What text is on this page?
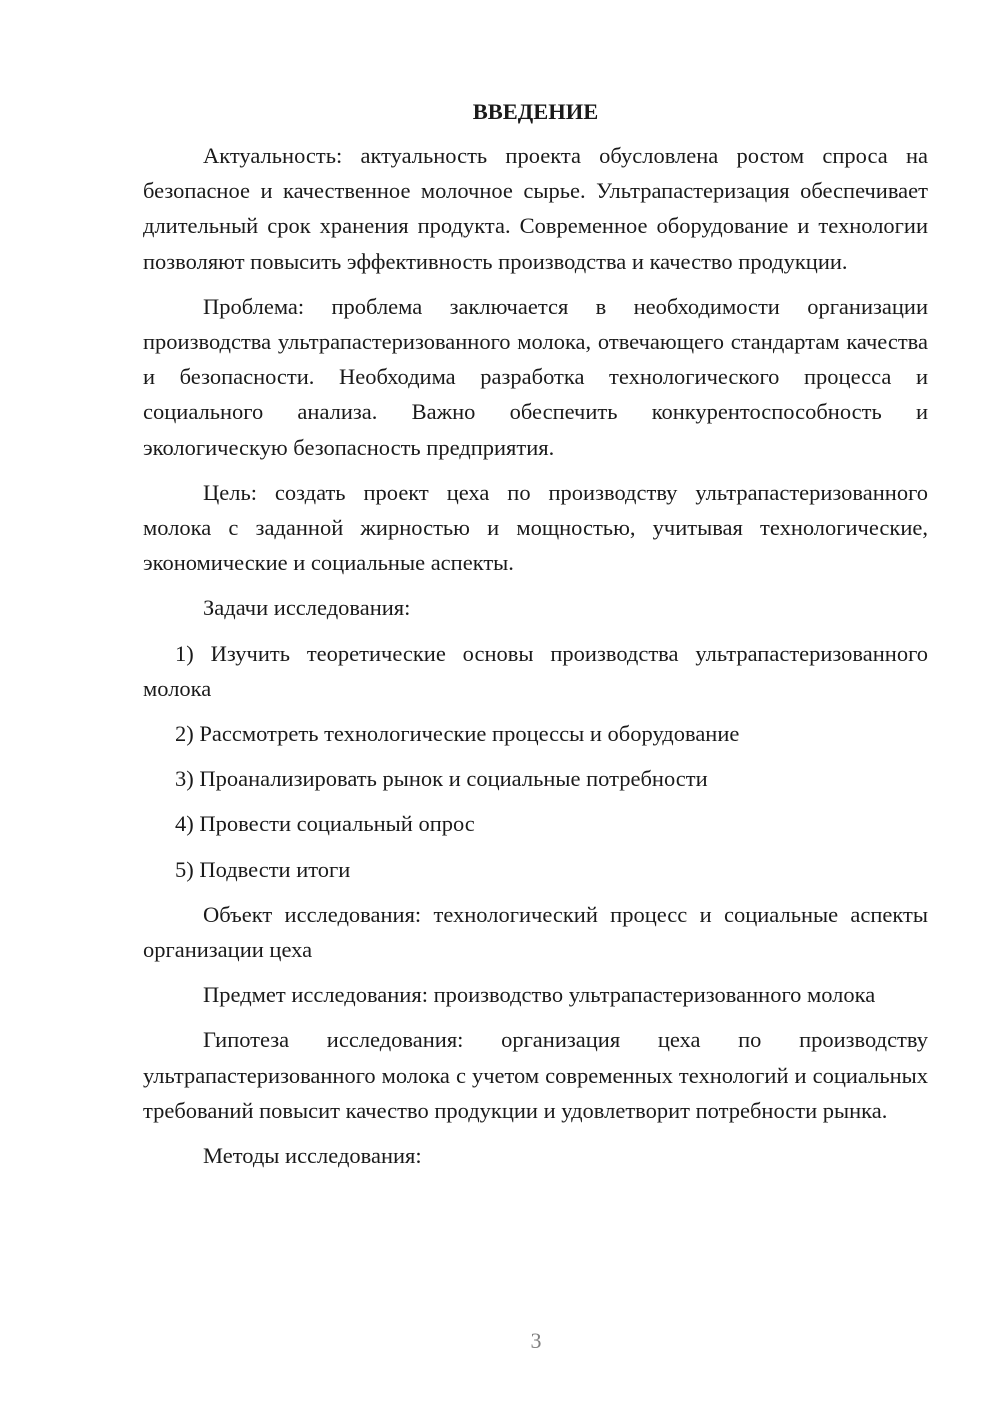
ВВЕДЕНИЕ

Актуальность: актуальность проекта обусловлена ростом спроса на безопасное и качественное молочное сырье. Ультрапастеризация обеспечивает длительный срок хранения продукта. Современное оборудование и технологии позволяют повысить эффективность производства и качество продукции.

Проблема: проблема заключается в необходимости организации производства ультрапастеризованного молока, отвечающего стандартам качества и безопасности. Необходима разработка технологического процесса и социального анализа. Важно обеспечить конкурентоспособность и экологическую безопасность предприятия.

Цель: создать проект цеха по производству ультрапастеризованного молока с заданной жирностью и мощностью, учитывая технологические, экономические и социальные аспекты.

Задачи исследования:

1) Изучить теоретические основы производства ультрапастеризованного молока

2) Рассмотреть технологические процессы и оборудование

3) Проанализировать рынок и социальные потребности

4) Провести социальный опрос

5) Подвести итоги

Объект исследования: технологический процесс и социальные аспекты организации цеха

Предмет исследования: производство ультрапастеризованного молока

Гипотеза исследования: организация цеха по производству ультрапастеризованного молока с учетом современных технологий и социальных требований повысит качество продукции и удовлетворит потребности рынка.

Методы исследования:

3
